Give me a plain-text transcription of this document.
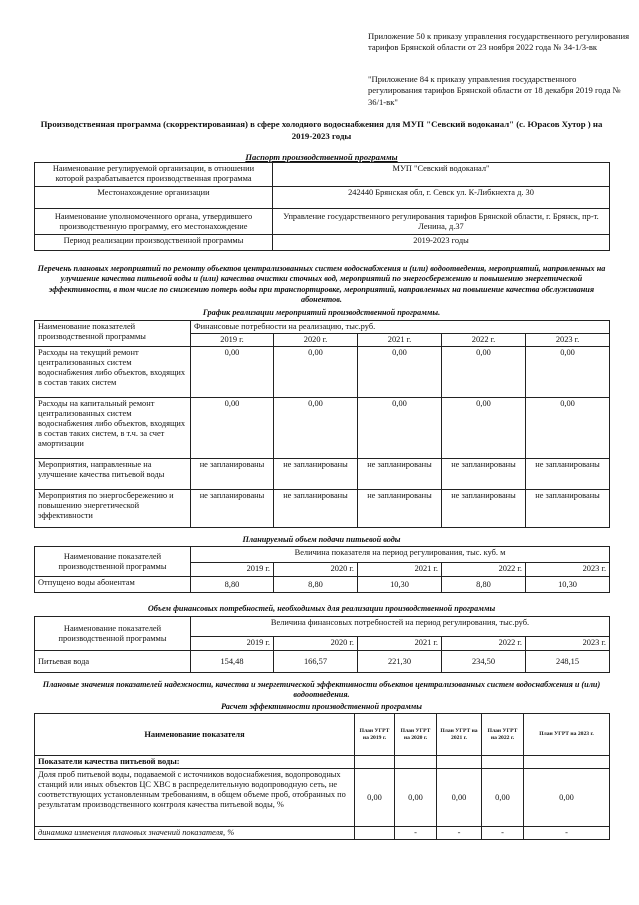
Приложение 50 к приказу управления государственного регулирования тарифов Брянской области от 23 ноября 2022 года № 34-1/3-вк
"Приложение 84 к приказу управления государственного регулирования тарифов Брянской области от 18 декабря 2019 года № 36/1-вк"
Производственная программа (скорректированная) в сфере холодного водоснабжения для МУП "Севский водоканал" (с. Юрасов Хутор ) на 2019-2023 годы
Паспорт производственной программы
Наименование регулируемой организации, в отношении которой разрабатывается производственная программа	МУП "Севский водоканал"
Местонахождение организации	242440 Брянская обл, г. Севск ул. К-Либкнехта д. 30
Наименование уполномоченного органа, утвердившего производственную программу, его местонахождение	Управление государственного регулирования тарифов Брянской области, г. Брянск, пр-т. Ленина, д.37
Период реализации производственной программы	2019-2023 годы
Перечень плановых мероприятий по ремонту объектов централизованных систем водоснабжения и (или) водоотведения, мероприятий, направленных на улучшение качества питьевой воды и (или) качества очистки сточных вод, мероприятий по энергосбережению и повышению энергетической эффективности, в том числе по снижению потерь воды при транспортировке, мероприятий, направленных на повышение качества обслуживания абонентов.
График реализации мероприятий производственной программы.
Наименование показателей производственной программы	Финансовые потребности на реализацию, тыс.руб.				
	2019 г.	2020 г.	2021 г.	2022 г.	2023 г.
Расходы на текущий ремонт централизованных систем водоснабжения либо объектов, входящих в состав таких систем	0,00	0,00	0,00	0,00	0,00
Расходы на капитальный ремонт централизованных систем водоснабжения либо объектов, входящих в состав таких систем, в т.ч. за счет амортизации	0,00	0,00	0,00	0,00	0,00
Мероприятия, направленные на улучшение качества питьевой воды	не запланированы	не запланированы	не запланированы	не запланированы	не запланированы
Мероприятия по энергосбережению и повышению энергетической эффективности	не запланированы	не запланированы	не запланированы	не запланированы	не запланированы
Планируемый объем подачи питьевой воды
Наименование показателей производственной программы	Величина показателя на период регулирования, тыс. куб. м				
	2019 г.	2020 г.	2021 г.	2022 г.	2023 г.
Отпущено воды абонентам	8,80	8,80	10,30	8,80	10,30
Объем финансовых потребностей, необходимых для реализации производственной программы
Наименование показателей производственной программы	Величина финансовых потребностей на период регулирования, тыс.руб.				
	2019 г.	2020 г.	2021 г.	2022 г.	2023 г.
Питьевая вода	154,48	166,57	221,30	234,50	248,15
Плановые значения показателей надежности, качества и энергетической эффективности объектов централизованных систем водоснабжения и (или) водоотведения.
Расчет эффективности производственной программы
Наименование показателя	План УГРТ на 2019 г.	План УГРТ на 2020 г.	План УГРТ на 2021 г.	План УГРТ на 2022 г.	План УГРТ на 2023 г.

Показатели качества питьевой воды:					
Доля проб питьевой воды, подаваемой с источников водоснабжения, водопроводных станций или иных объектов ЦС ХВС в распределительную водопроводную сеть, не соответствующих установленным требованиям, в общем объеме проб, отобранных по результатам производственного контроля качества питьевой воды, %	0,00	0,00	0,00	0,00	0,00
динамика изменения плановых значений показателя, %		-	-	-	-
